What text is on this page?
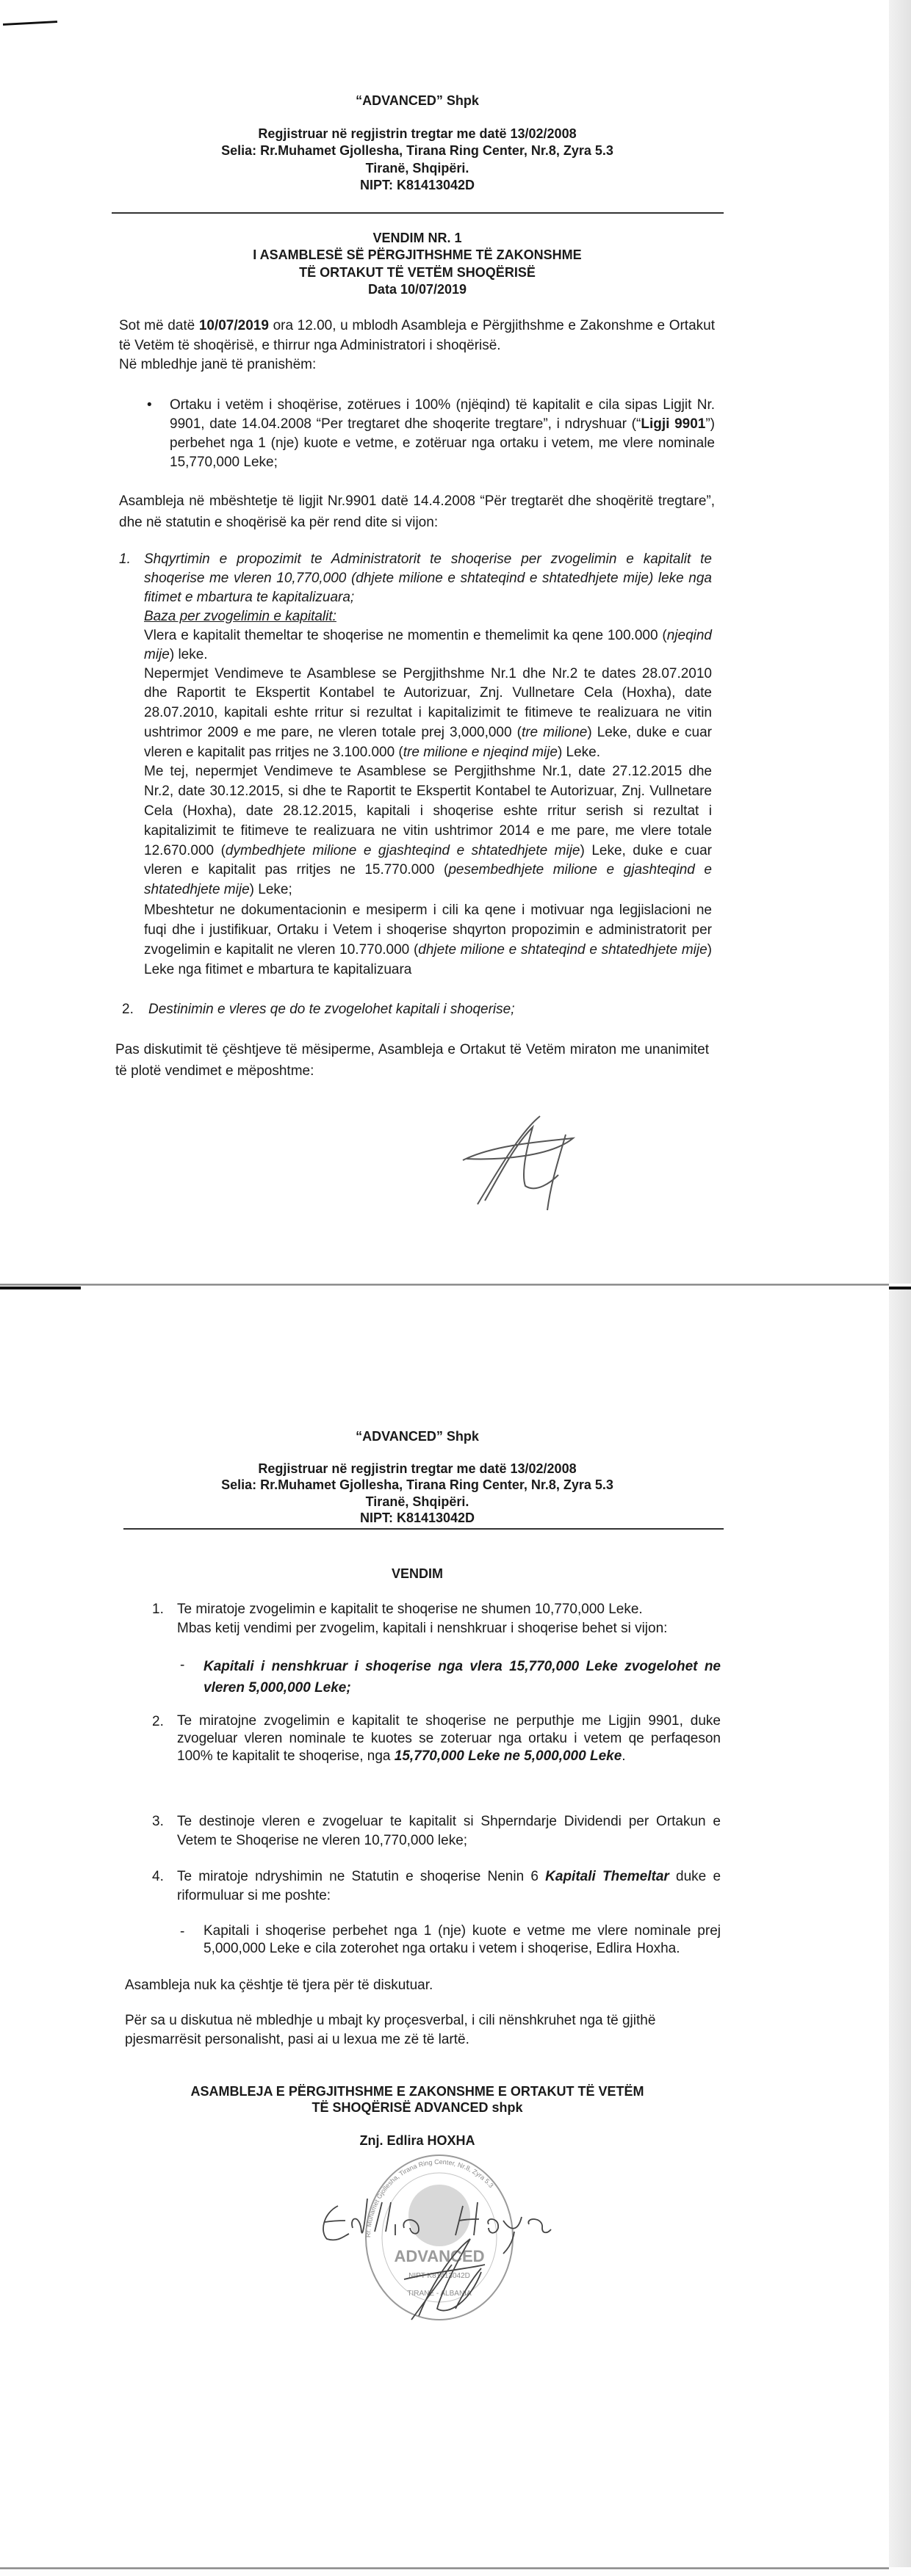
“ADVANCED” Shpk
Regjistruar në regjistrin tregtar me datë 13/02/2008
Selia: Rr.Muhamet Gjollesha, Tirana Ring Center, Nr.8, Zyra 5.3
Tiranë, Shqipëri.
NIPT: K81413042D
VENDIM NR. 1
I ASAMBLESË SË PËRGJITHSHME TË ZAKONSHME
TË ORTAKUT TË VETËM SHOQËRISË
Data 10/07/2019
Sot më datë 10/07/2019 ora 12.00, u mblodh Asambleja e Përgjithshme e Zakonshme e Ortakut të Vetëm të shoqërisë, e thirrur nga Administratori i shoqërisë.
Në mbledhje janë të pranishëm:
•	Ortaku i vetëm i shoqërise, zotërues i 100% (njëqind) të kapitalit e cila sipas Ligjit Nr. 9901, date 14.04.2008 “Per tregtaret dhe shoqerite tregtare”, i ndryshuar (“Ligji 9901”) perbehet nga 1 (nje) kuote e vetme, e zotëruar nga ortaku i vetem, me vlere nominale 15,770,000 Leke;
Asambleja në mbështetje të ligjit Nr.9901 datë 14.4.2008 “Për tregtarët dhe shoqëritë tregtare”, dhe në statutin e shoqërisë ka për rend dite si vijon:
1. Shqyrtimin e propozimit te Administratorit te shoqerise per zvogelimin e kapitalit te shoqerise me vleren 10,770,000 (dhjete milione e shtateqind e shtatedhjete mije) leke nga fitimet e mbartura te kapitalizuara;
Baza per zvogelimin e kapitalit:
Vlera e kapitalit themeltar te shoqerise ne momentin e themelimit ka qene 100.000 (njeqind mije) leke.
Nepermjet Vendimeve te Asamblese se Pergjithshme Nr.1 dhe Nr.2 te dates 28.07.2010 dhe Raportit te Ekspertit Kontabel te Autorizuar, Znj. Vullnetare Cela (Hoxha), date 28.07.2010, kapitali eshte rritur si rezultat i kapitalizimit te fitimeve te realizuara ne vitin ushtrimor 2009 e me pare, ne vleren totale prej 3,000,000 (tre milione) Leke, duke e cuar vleren e kapitalit pas rritjes ne 3.100.000 (tre milione e njeqind mije) Leke.
Me tej, nepermjet Vendimeve te Asamblese se Pergjithshme Nr.1, date 27.12.2015 dhe Nr.2, date 30.12.2015, si dhe te Raportit te Ekspertit Kontabel te Autorizuar, Znj. Vullnetare Cela (Hoxha), date 28.12.2015, kapitali i shoqerise eshte rritur serish si rezultat i kapitalizimit te fitimeve te realizuara ne vitin ushtrimor 2014 e me pare, me vlere totale 12.670.000 (dymbedhjete milione e gjashteqind e shtatedhjete mije) Leke, duke e cuar vleren e kapitalit pas rritjes ne 15.770.000 (pesembedhjete milione e gjashteqind e shtatedhjete mije) Leke;
Mbeshtetur ne dokumentacionin e mesiperm i cili ka qene i motivuar nga legjislacioni ne fuqi dhe i justifikuar, Ortaku i Vetem i shoqerise shqyrton propozimin e administratorit per zvogelimin e kapitalit ne vleren 10.770.000 (dhjete milione e shtateqind e shtatedhjete mije) Leke nga fitimet e mbartura te kapitalizuara
2.	Destinimin e vleres qe do te zvogelohet kapitali i shoqerise;
Pas diskutimit të çështjeve të mësiperme, Asambleja e Ortakut të Vetëm miraton me unanimitet të plotë vendimet e mëposhtme:
“ADVANCED” Shpk
Regjistruar në regjistrin tregtar me datë 13/02/2008
Selia: Rr.Muhamet Gjollesha, Tirana Ring Center, Nr.8, Zyra 5.3
Tiranë, Shqipëri.
NIPT: K81413042D
VENDIM
1. Te miratoje zvogelimin e kapitalit te shoqerise ne shumen 10,770,000 Leke.
Mbas ketij vendimi per zvogelim, kapitali i nenshkruar i shoqerise behet si vijon:
-	Kapitali i nenshkruar i shoqerise nga vlera 15,770,000 Leke zvogelohet ne vleren 5,000,000 Leke;
2. Te miratojne zvogelimin e kapitalit te shoqerise ne perputhje me Ligjin 9901, duke zvogeluar vleren nominale te kuotes se zoteruar nga ortaku i vetem qe perfaqeson 100% te kapitalit te shoqerise, nga 15,770,000 Leke ne 5,000,000 Leke.
3. Te destinoje vleren e zvogeluar te kapitalit si Shperndarje Dividendi per Ortakun e Vetem te Shoqerise ne vleren 10,770,000 leke;
4. Te miratoje ndryshimin ne Statutin e shoqerise Nenin 6 Kapitali Themeltar duke e riformuluar si me poshte:
-	Kapitali i shoqerise perbehet nga 1 (nje) kuote e vetme me vlere nominale prej 5,000,000 Leke e cila zoterohet nga ortaku i vetem i shoqerise, Edlira Hoxha.
Asambleja nuk ka çështje të tjera për të diskutuar.
Për sa u diskutua në mbledhje u mbajt ky proçesverbal, i cili nënshkruhet nga të gjithë pjesmarrësit personalisht, pasi ai u lexua me zë të lartë.
ASAMBLEJA E PËRGJITHSHME E ZAKONSHME E ORTAKUT TË VETËM
TË SHOQËRISË ADVANCED shpk
Znj. Edlira HOXHA
Rr. Muhamet Gjollesha, Tirana Ring Center, Nr.8, Zyra 5.3
ADVANCED
NIPT K81413042D
TIRANË - ALBANIA
